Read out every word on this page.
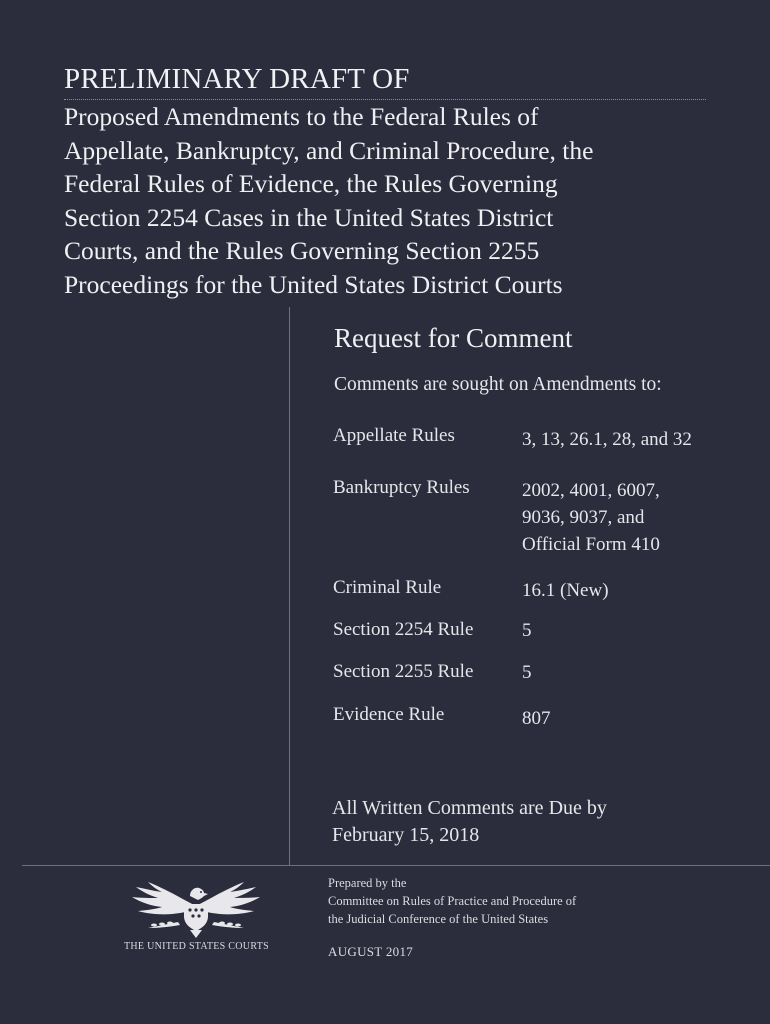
PRELIMINARY DRAFT OF
Proposed Amendments to the Federal Rules of
Appellate, Bankruptcy, and Criminal Procedure, the
Federal Rules of Evidence, the Rules Governing
Section 2254 Cases in the United States District
Courts, and the Rules Governing Section 2255
Proceedings for the United States District Courts
Request for Comment
Comments are sought on Amendments to:
Appellate Rules	3, 13, 26.1, 28, and 32
Bankruptcy Rules	2002, 4001, 6007,
9036, 9037, and
Official Form 410
Criminal Rule	16.1 (New)
Section 2254 Rule	5
Section 2255 Rule	5
Evidence Rule	807
All Written Comments are Due by
February 15, 2018
THE UNITED STATES COURTS
Prepared by the
Committee on Rules of Practice and Procedure of
the Judicial Conference of the United States
AUGUST 2017
